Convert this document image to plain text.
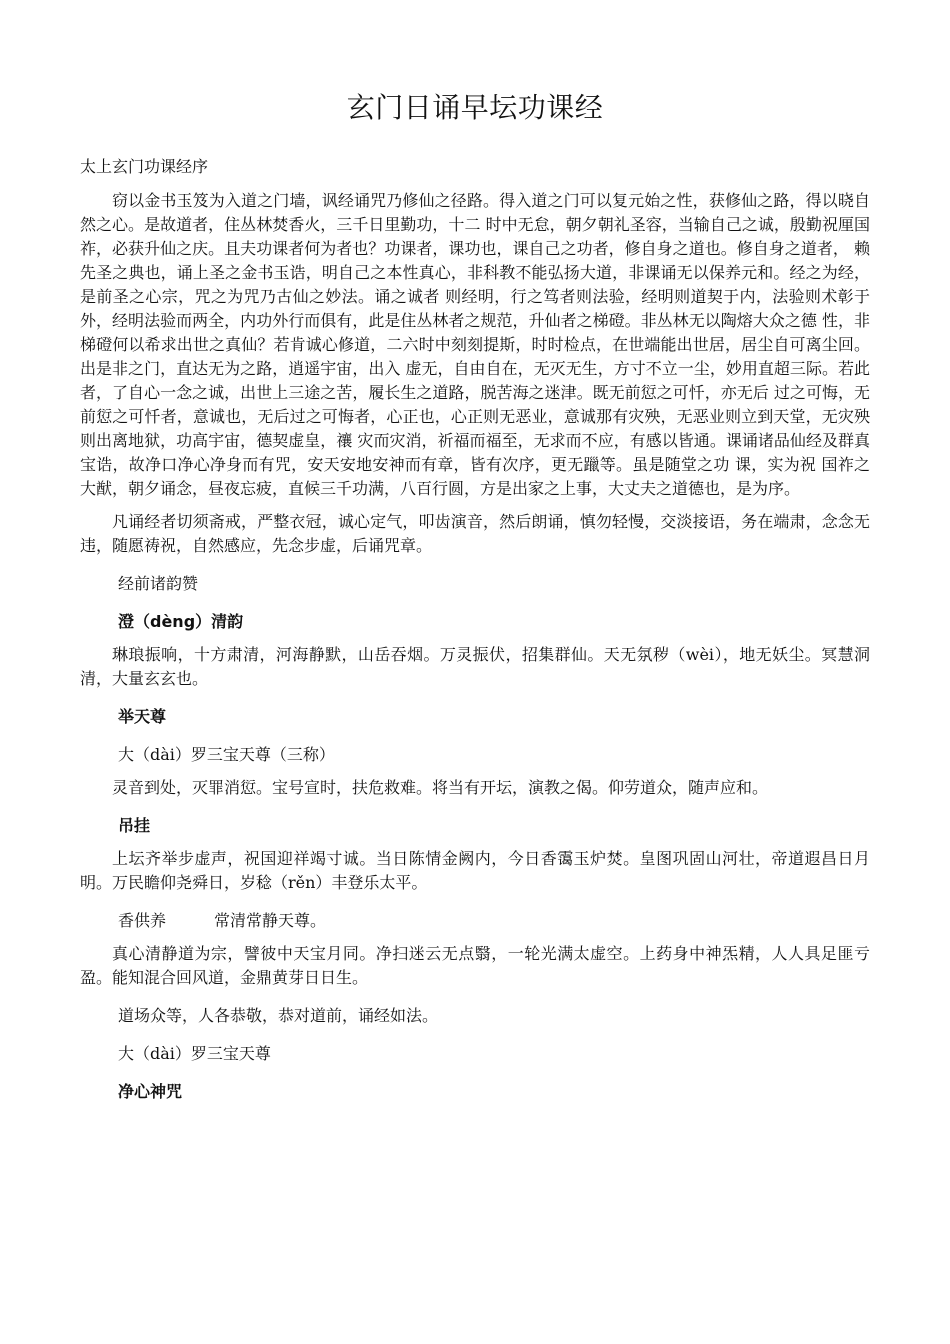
玄门日诵早坛功课经

太上玄门功课经序

窃以金书玉笈为入道之门墙，讽经诵咒乃修仙之径路。得入道之门可以复元始之性，获修仙之路，得以晓自然之心。是故道者，住丛林焚香火，三千日里勤功，十二 时中无怠，朝夕朝礼圣容，当输自己之诚，殷勤祝厘国祚，必获升仙之庆。且夫功课者何为者也？功课者，课功也，课自己之功者，修自身之道也。修自身之道者， 赖先圣之典也，诵上圣之金书玉诰，明自己之本性真心，非科教不能弘扬大道，非课诵无以保养元和。经之为经，是前圣之心宗，咒之为咒乃古仙之妙法。诵之诚者 则经明，行之笃者则法验，经明则道契于内，法验则术彰于外，经明法验而两全，内功外行而俱有，此是住丛林者之规范，升仙者之梯磴。非丛林无以陶熔大众之德 性，非梯磴何以希求出世之真仙？若肯诚心修道，二六时中刻刻提斯，时时检点，在世端能出世居，居尘自可离尘回。出是非之门，直达无为之路，逍遥宇宙，出入 虚无，自由自在，无灭无生，方寸不立一尘，妙用直超三际。若此者，了自心一念之诚，出世上三途之苦，履长生之道路，脱苦海之迷津。既无前愆之可忏，亦无后 过之可悔，无前愆之可忏者，意诚也，无后过之可悔者，心正也，心正则无恶业，意诚那有灾殃，无恶业则立到天堂，无灾殃则出离地狱，功高宇宙，德契虚皇，禳 灾而灾消，祈福而福至，无求而不应，有感以皆通。课诵诸品仙经及群真宝诰，故净口净心净身而有咒，安天安地安神而有章，皆有次序，更无躐等。虽是随堂之功 课，实为祝 国祚之大猷，朝夕诵念，昼夜忘疲，直候三千功满，八百行圆，方是出家之上事，大丈夫之道德也，是为序。

凡诵经者切须斋戒，严整衣冠，诚心定气，叩齿演音，然后朗诵，慎勿轻慢，交淡接语，务在端肃，念念无违，随愿祷祝，自然感应，先念步虚，后诵咒章。

经前诸韵赞
澄（dèng）清韵

琳琅振响，十方肃清，河海静默，山岳吞烟。万灵振伏，招集群仙。天无氛秽（wèi），地无妖尘。冥慧洞清，大量玄玄也。

举天尊
大（dài）罗三宝天尊（三称）

灵音到处，灭罪消愆。宝号宣时，扶危救难。将当有开坛，演教之偈。仰劳道众，随声应和。

吊挂

上坛齐举步虚声，祝国迎祥竭寸诚。当日陈情金阙内，今日香霭玉炉焚。皇图巩固山河壮，帝道遐昌日月明。万民瞻仰尧舜日，岁稔（rěn）丰登乐太平。

香供养	常清常静天尊。

真心清静道为宗，譬彼中天宝月同。净扫迷云无点翳，一轮光满太虚空。上药身中神炁精，人人具足匪亏盈。能知混合回风道，金鼎黄芽日日生。

道场众等，人各恭敬，恭对道前，诵经如法。
大（dài）罗三宝天尊
净心神咒
